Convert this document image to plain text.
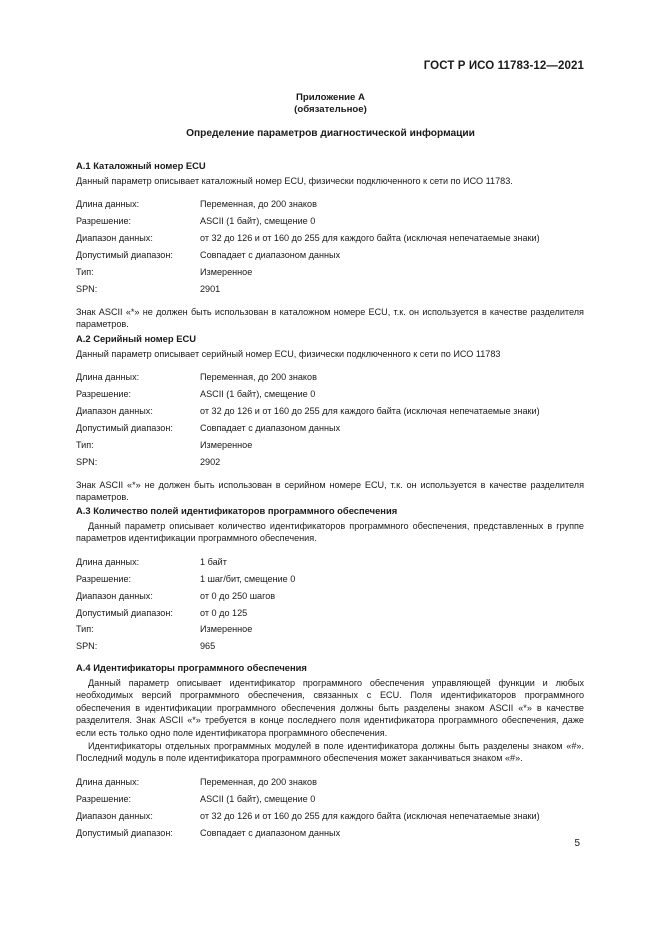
ГОСТ Р ИСО 11783-12—2021
Приложение А
(обязательное)
Определение параметров диагностической информации
А.1 Каталожный номер ECU

Данный параметр описывает каталожный номер ECU, физически подключенного к сети по ИСО 11783.

Длина данных:	Переменная, до 200 знаков
Разрешение:	ASCII (1 байт), смещение 0
Диапазон данных:	от 32 до 126 и от 160 до 255 для каждого байта (исключая непечатаемые знаки)
Допустимый диапазон:	Совпадает с диапазоном данных
Тип:	Измеренное
SPN:	2901

Знак ASCII «*» не должен быть использован в каталожном номере ECU, т.к. он используется в качестве разделителя параметров.

А.2 Серийный номер ECU

Данный параметр описывает серийный номер ECU, физически подключенного к сети по ИСО 11783

Длина данных:	Переменная, до 200 знаков
Разрешение:	ASCII (1 байт), смещение 0
Диапазон данных:	от 32 до 126 и от 160 до 255 для каждого байта (исключая непечатаемые знаки)
Допустимый диапазон:	Совпадает с диапазоном данных
Тип:	Измеренное
SPN:	2902

Знак ASCII «*» не должен быть использован в серийном номере ECU, т.к. он используется в качестве разделителя параметров.

А.3 Количество полей идентификаторов программного обеспечения

Данный параметр описывает количество идентификаторов программного обеспечения, представленных в группе параметров идентификации программного обеспечения.

Длина данных:	1 байт
Разрешение:	1 шаг/бит, смещение 0
Диапазон данных:	от 0 до 250 шагов
Допустимый диапазон:	от 0 до 125
Тип:	Измеренное
SPN:	965
А.4 Идентификаторы программного обеспечения

Данный параметр описывает идентификатор программного обеспечения управляющей функции и любых необходимых версий программного обеспечения, связанных с ECU. Поля идентификаторов программного обеспечения в идентификации программного обеспечения должны быть разделены знаком ASCII «*» в качестве разделителя. Знак ASCII «*» требуется в конце последнего поля идентификатора программного обеспечения, даже если есть только одно поле идентификатора программного обеспечения.

Идентификаторы отдельных программных модулей в поле идентификатора должны быть разделены знаком «#». Последний модуль в поле идентификатора программного обеспечения может заканчиваться знаком «#».

Длина данных:	Переменная, до 200 знаков
Разрешение:	ASCII (1 байт), смещение 0
Диапазон данных:	от 32 до 126 и от 160 до 255 для каждого байта (исключая непечатаемые знаки)
Допустимый диапазон:	Совпадает с диапазоном данных
5
